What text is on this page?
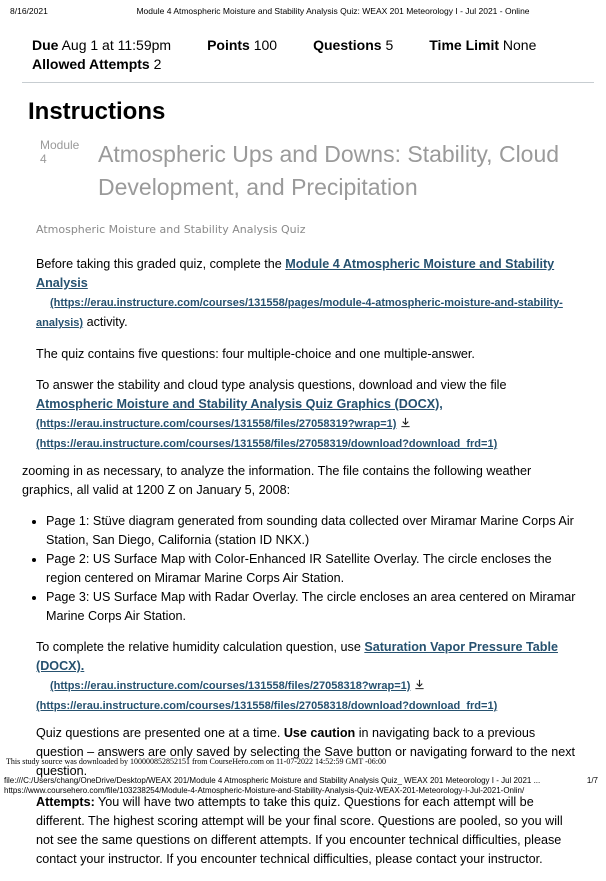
8/16/2021	Module 4 Atmospheric Moisture and Stability Analysis Quiz: WEAX 201 Meteorology I - Jul 2021 - Online
Due Aug 1 at 11:59pm	Points 100	Questions 5	Time Limit None
Allowed Attempts 2
Instructions
Module
4	Atmospheric Ups and Downs: Stability, Cloud Development, and Precipitation
Atmospheric Moisture and Stability Analysis Quiz

Before taking this graded quiz, complete the Module 4 Atmospheric Moisture and Stability Analysis
(https://erau.instructure.com/courses/131558/pages/module-4-atmospheric-moisture-and-stability-analysis) activity.

The quiz contains five questions: four multiple-choice and one multiple-answer.

To answer the stability and cloud type analysis questions, download and view the file Atmospheric Moisture and Stability Analysis Quiz Graphics (DOCX),
(https://erau.instructure.com/courses/131558/files/27058319?wrap=1)
(https://erau.instructure.com/courses/131558/files/27058319/download?download_frd=1)

zooming in as necessary, to analyze the information. The file contains the following weather graphics, all valid at 1200 Z on January 5, 2008:

• Page 1: Stüve diagram generated from sounding data collected over Miramar Marine Corps Air Station, San Diego, California (station ID NKX.)
• Page 2: US Surface Map with Color-Enhanced IR Satellite Overlay. The circle encloses the region centered on Miramar Marine Corps Air Station.
• Page 3: US Surface Map with Radar Overlay. The circle encloses an area centered on Miramar Marine Corps Air Station.

To complete the relative humidity calculation question, use Saturation Vapor Pressure Table (DOCX).
(https://erau.instructure.com/courses/131558/files/27058318?wrap=1)
(https://erau.instructure.com/courses/131558/files/27058318/download?download_frd=1)

Quiz questions are presented one at a time. Use caution in navigating back to a previous question – answers are only saved by selecting the Save button or navigating forward to the next question.

Attempts: You will have two attempts to take this quiz. Questions for each attempt will be different. The highest scoring attempt will be your final score. Questions are pooled, so you will not see the same questions on different attempts. If you encounter technical difficulties, please contact your instructor. If you encounter technical difficulties, please contact your instructor.

This study source was downloaded by 100000852852151 from CourseHero.com on 11-07-2022 14:52:59 GMT -06:00
file:///C:/Users/chang/OneDrive/Desktop/WEAX 201/Module 4 Atmospheric Moisture and Stability Analysis Quiz_ WEAX 201 Meteorology I - Jul 2021 ...	1/7
https://www.coursehero.com/file/103238254/Module-4-Atmospheric-Moisture-and-Stability-Analysis-Quiz-WEAX-201-Meteorology-I-Jul-2021-Onlin/
